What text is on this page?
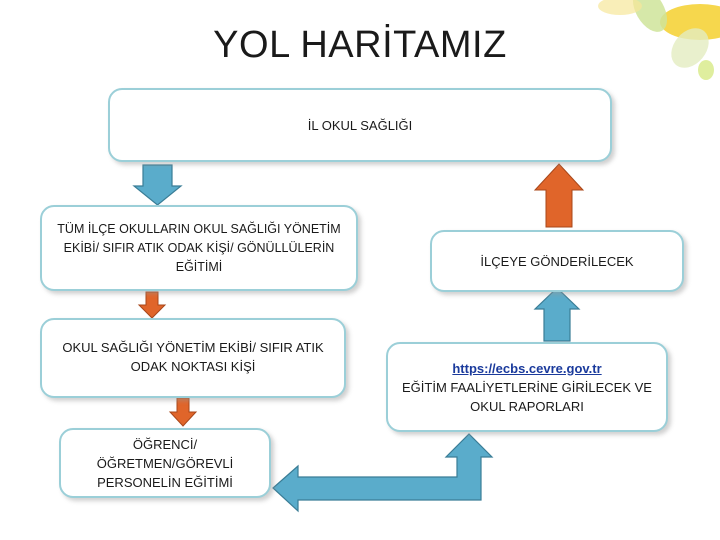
YOL HARİTAMIZ
İL OKUL SAĞLIĞI
TÜM İLÇE OKULLARIN OKUL SAĞLIĞI YÖNETİM EKİBİ/ SIFIR ATIK ODAK KİŞİ/ GÖNÜLLÜLERİN EĞİTİMİ
OKUL SAĞLIĞI YÖNETİM EKİBİ/ SIFIR ATIK ODAK NOKTASI KİŞİ
ÖĞRENCİ/ ÖĞRETMEN/GÖREVLİ PERSONELİN EĞİTİMİ
İLÇEYE GÖNDERİLECEK
https://ecbs.cevre.gov.tr
EĞİTİM FAALİYETLERİNE GİRİLECEK VE OKUL RAPORLARI
